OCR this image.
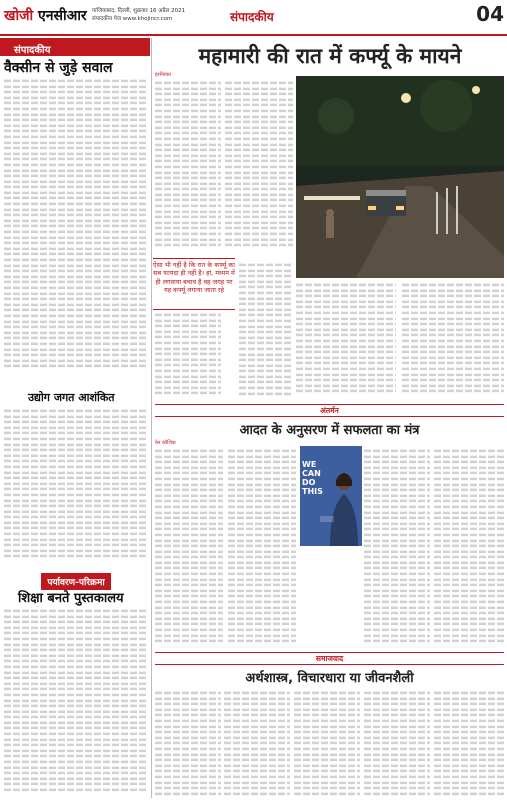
खोजी एनसीआर गाजियाबाद, दिल्ली, शुक्रवार 16 अप्रैल 2021
संपादकीय पेज www.khojincr.com	संपादकीय	04
संपादकीय
वैक्सीन से जुड़े सवाल
उद्योग जगत आशंकित
पर्यावरण-परिक्रमा
शिक्षा बनते पुस्तकालय
महामारी की रात में कर्फ्यू के मायने
हरनिरंका
ऐसा भी नहीं है कि रात के कर्फ्यू का सब फायदा ही नहीं है। हां, मध्यम में ही लगवाया बचाव है वह जगह पर यह कर्फ्यू लगाया जाता रहे
अंतर्मन
आदत के अनुसरण में सफलता का मंत्र
रेल कौशिक
WE CAN DO THIS
समाजवाद
अर्थशास्त्र, विचारधारा या जीवनशैली
